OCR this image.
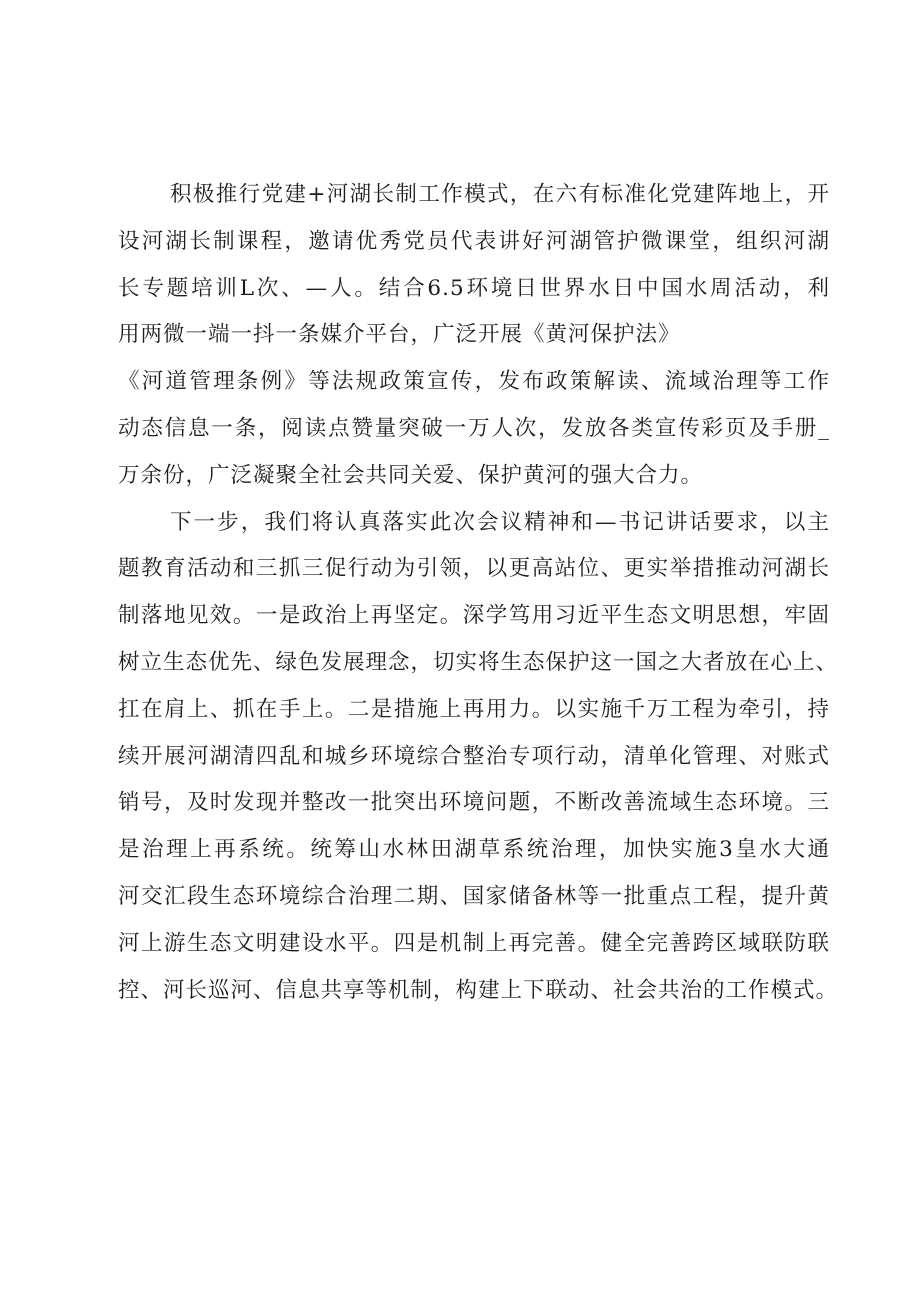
积极推行党建+河湖长制工作模式，在六有标准化党建阵地上，开
设河湖长制课程，邀请优秀党员代表讲好河湖管护微课堂，组织河湖
长专题培训L次、—人。结合6.5环境日世界水日中国水周活动，利
用两微一端一抖一条媒介平台，广泛开展《黄河保护法》
《河道管理条例》等法规政策宣传，发布政策解读、流域治理等工作
动态信息一条，阅读点赞量突破一万人次，发放各类宣传彩页及手册_
万余份，广泛凝聚全社会共同关爱、保护黄河的强大合力。
下一步，我们将认真落实此次会议精神和—书记讲话要求，以主
题教育活动和三抓三促行动为引领，以更高站位、更实举措推动河湖长
制落地见效。一是政治上再坚定。深学笃用习近平生态文明思想，牢固
树立生态优先、绿色发展理念，切实将生态保护这一国之大者放在心上、
扛在肩上、抓在手上。二是措施上再用力。以实施千万工程为牵引，持
续开展河湖清四乱和城乡环境综合整治专项行动，清单化管理、对账式
销号，及时发现并整改一批突出环境问题，不断改善流域生态环境。三
是治理上再系统。统筹山水林田湖草系统治理，加快实施3皇水大通
河交汇段生态环境综合治理二期、国家储备林等一批重点工程，提升黄
河上游生态文明建设水平。四是机制上再完善。健全完善跨区域联防联
控、河长巡河、信息共享等机制，构建上下联动、社会共治的工作模式。
